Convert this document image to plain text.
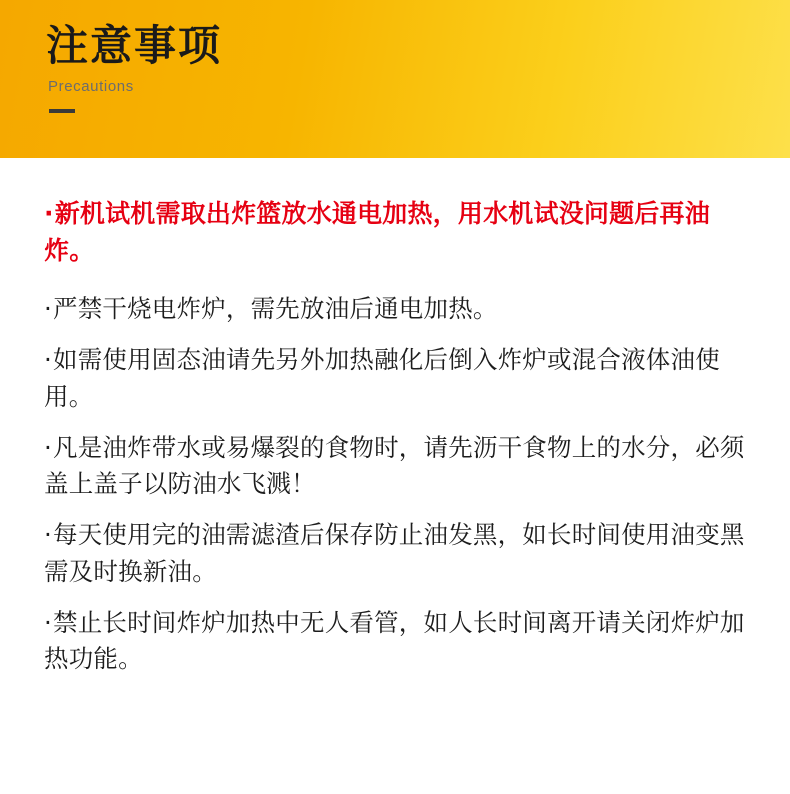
注意事项
Precautions

·新机试机需取出炸篮放水通电加热，用水机试没问题后再油炸。

·严禁干烧电炸炉，需先放油后通电加热。

·如需使用固态油请先另外加热融化后倒入炸炉或混合液体油使用。

·凡是油炸带水或易爆裂的食物时，请先沥干食物上的水分，必须盖上盖子以防油水飞溅！

·每天使用完的油需滤渣后保存防止油发黑，如长时间使用油变黑需及时换新油。

·禁止长时间炸炉加热中无人看管，如人长时间离开请关闭炸炉加热功能。
